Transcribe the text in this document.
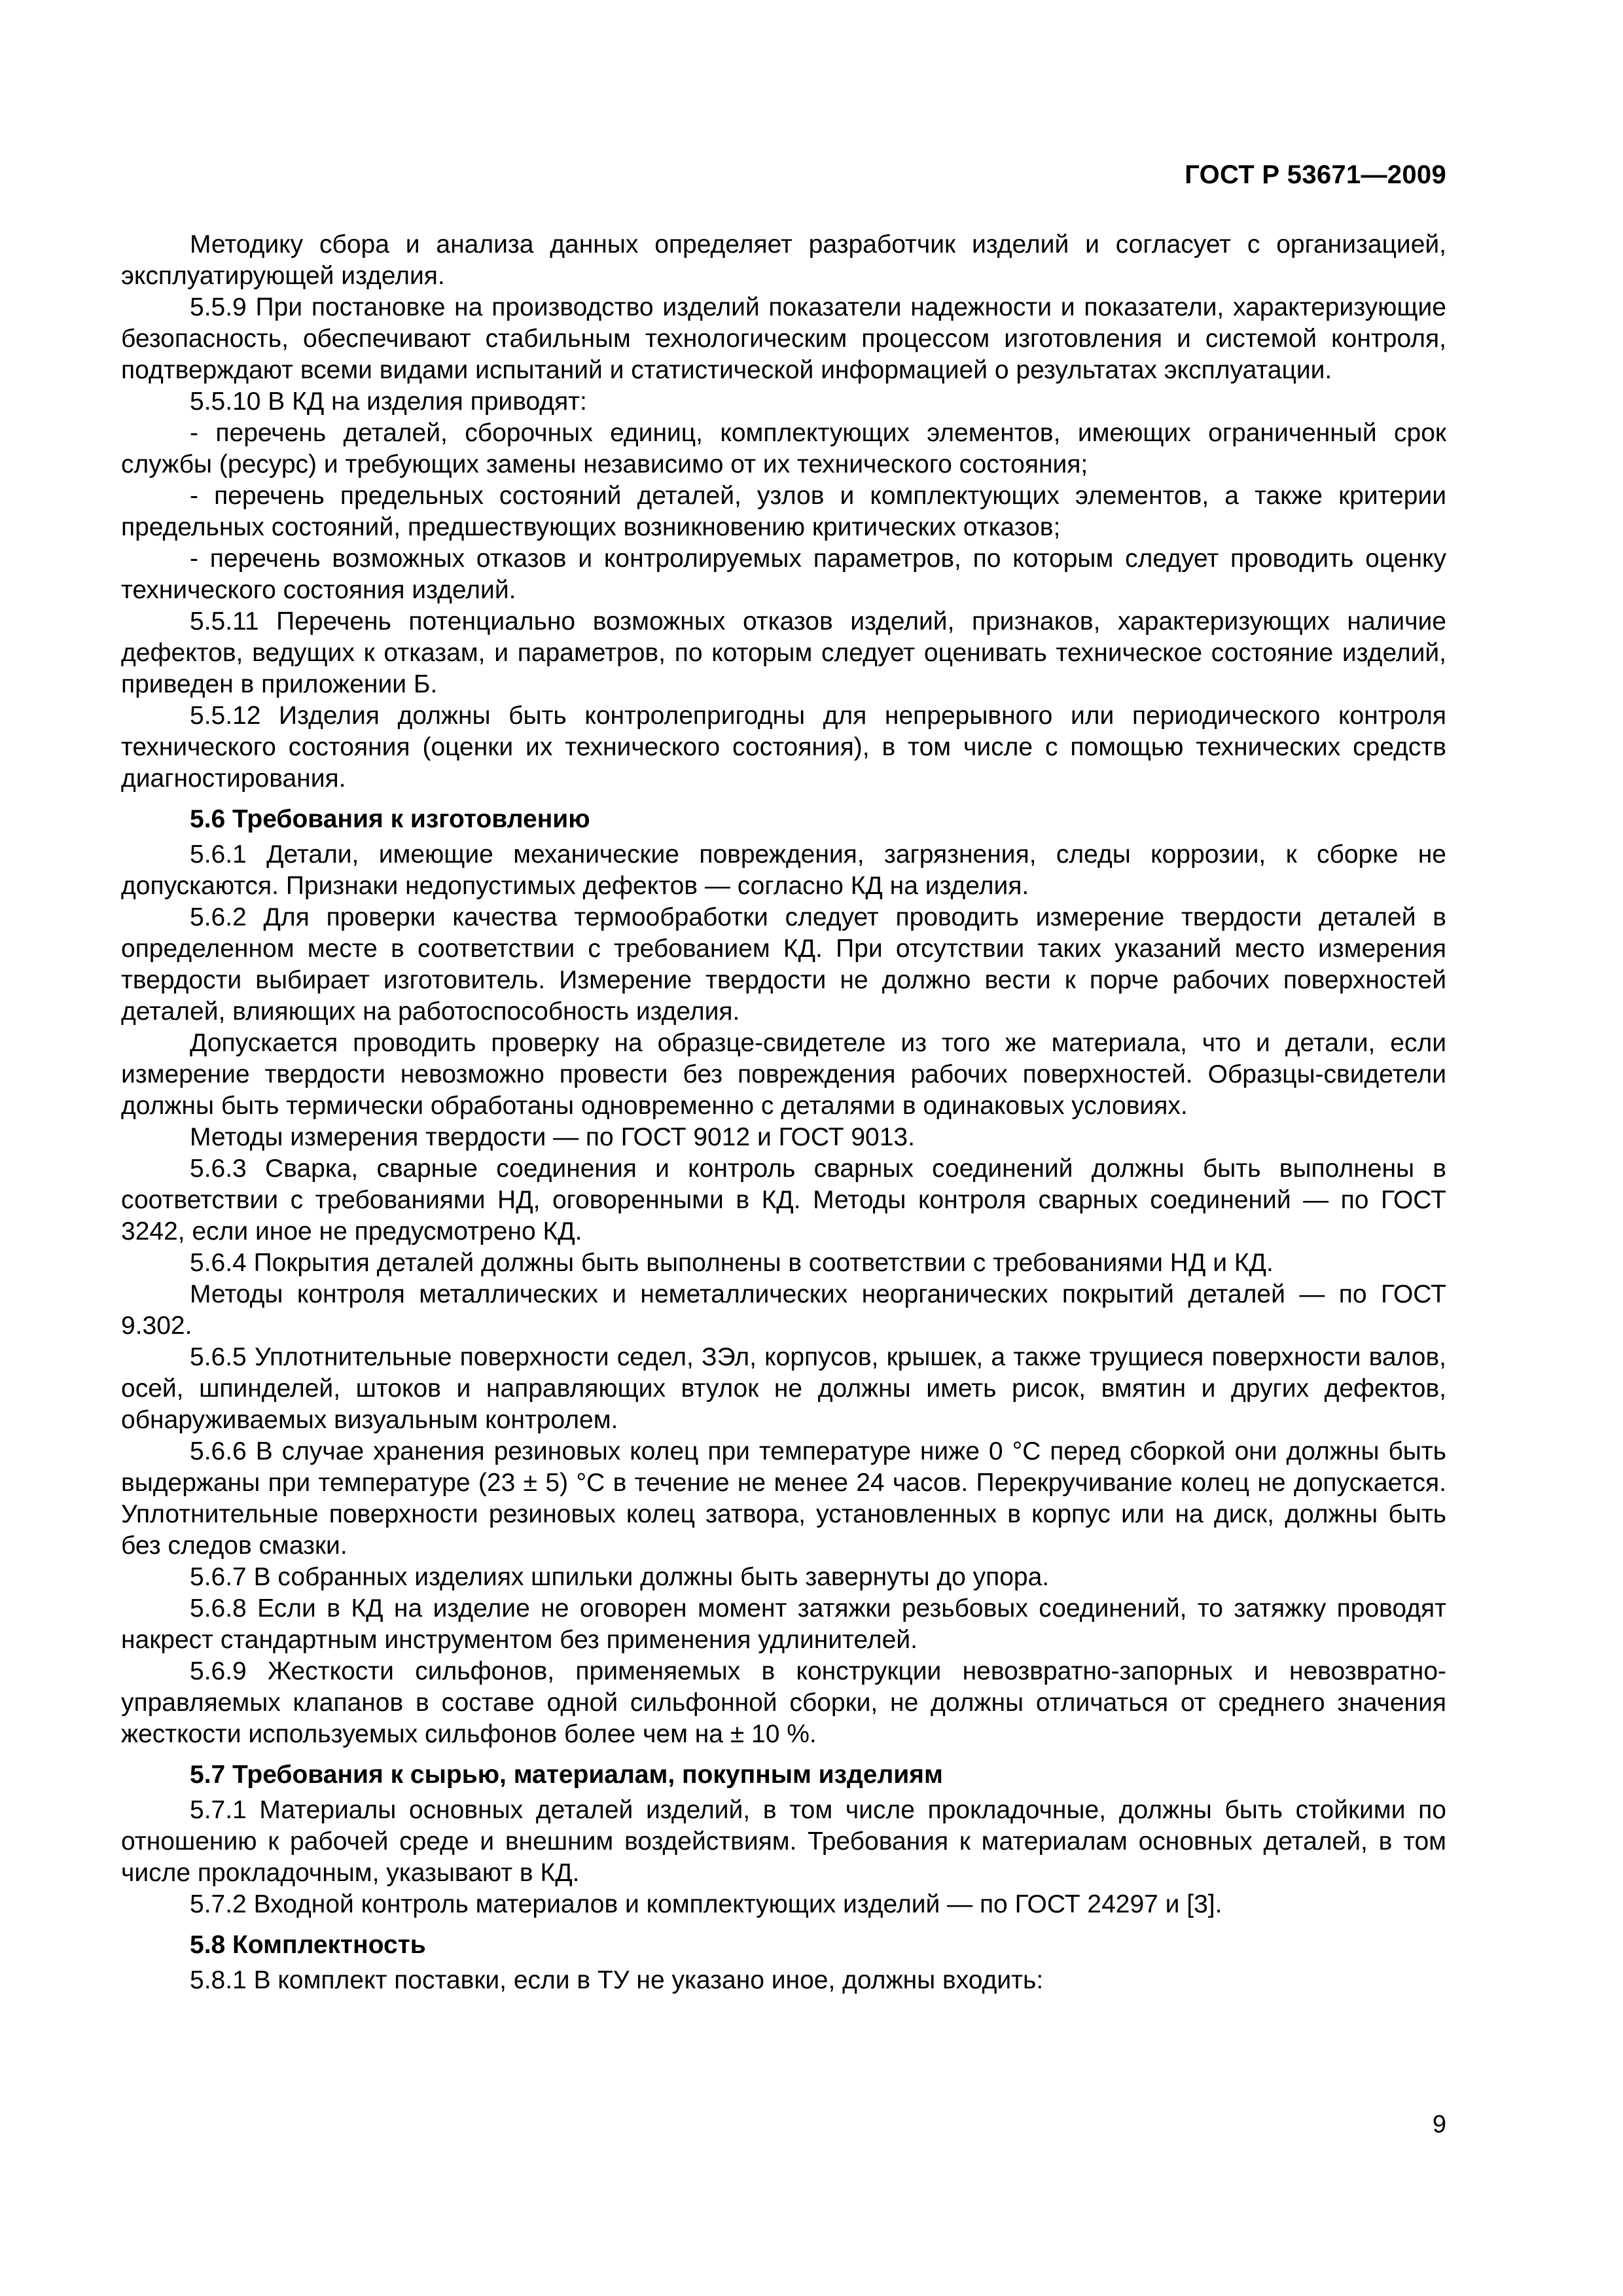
ГОСТ Р 53671—2009
Методику сбора и анализа данных определяет разработчик изделий и согласует с организацией, эксплуатирующей изделия.
5.5.9 При постановке на производство изделий показатели надежности и показатели, характеризующие безопасность, обеспечивают стабильным технологическим процессом изготовления и системой контроля, подтверждают всеми видами испытаний и статистической информацией о результатах эксплуатации.
5.5.10 В КД на изделия приводят:
- перечень деталей, сборочных единиц, комплектующих элементов, имеющих ограниченный срок службы (ресурс) и требующих замены независимо от их технического состояния;
- перечень предельных состояний деталей, узлов и комплектующих элементов, а также критерии предельных состояний, предшествующих возникновению критических отказов;
- перечень возможных отказов и контролируемых параметров, по которым следует проводить оценку технического состояния изделий.
5.5.11 Перечень потенциально возможных отказов изделий, признаков, характеризующих наличие дефектов, ведущих к отказам, и параметров, по которым следует оценивать техническое состояние изделий, приведен в приложении Б.
5.5.12 Изделия должны быть контролепригодны для непрерывного или периодического контроля технического состояния (оценки их технического состояния), в том числе с помощью технических средств диагностирования.
5.6 Требования к изготовлению
5.6.1 Детали, имеющие механические повреждения, загрязнения, следы коррозии, к сборке не допускаются. Признаки недопустимых дефектов — согласно КД на изделия.
5.6.2 Для проверки качества термообработки следует проводить измерение твердости деталей в определенном месте в соответствии с требованием КД. При отсутствии таких указаний место измерения твердости выбирает изготовитель. Измерение твердости не должно вести к порче рабочих поверхностей деталей, влияющих на работоспособность изделия.
Допускается проводить проверку на образце-свидетеле из того же материала, что и детали, если измерение твердости невозможно провести без повреждения рабочих поверхностей. Образцы-свидетели должны быть термически обработаны одновременно с деталями в одинаковых условиях.
Методы измерения твердости — по ГОСТ 9012 и ГОСТ 9013.
5.6.3 Сварка, сварные соединения и контроль сварных соединений должны быть выполнены в соответствии с требованиями НД, оговоренными в КД. Методы контроля сварных соединений — по ГОСТ 3242, если иное не предусмотрено КД.
5.6.4 Покрытия деталей должны быть выполнены в соответствии с требованиями НД и КД.
Методы контроля металлических и неметаллических неорганических покрытий деталей — по ГОСТ 9.302.
5.6.5 Уплотнительные поверхности седел, ЗЭл, корпусов, крышек, а также трущиеся поверхности валов, осей, шпинделей, штоков и направляющих втулок не должны иметь рисок, вмятин и других дефектов, обнаруживаемых визуальным контролем.
5.6.6 В случае хранения резиновых колец при температуре ниже 0 °С перед сборкой они должны быть выдержаны при температуре (23 ± 5) °С в течение не менее 24 часов. Перекручивание колец не допускается. Уплотнительные поверхности резиновых колец затвора, установленных в корпус или на диск, должны быть без следов смазки.
5.6.7 В собранных изделиях шпильки должны быть завернуты до упора.
5.6.8 Если в КД на изделие не оговорен момент затяжки резьбовых соединений, то затяжку проводят накрест стандартным инструментом без применения удлинителей.
5.6.9 Жесткости сильфонов, применяемых в конструкции невозвратно-запорных и невозвратно-управляемых клапанов в составе одной сильфонной сборки, не должны отличаться от среднего значения жесткости используемых сильфонов более чем на ± 10 %.
5.7 Требования к сырью, материалам, покупным изделиям
5.7.1 Материалы основных деталей изделий, в том числе прокладочные, должны быть стойкими по отношению к рабочей среде и внешним воздействиям. Требования к материалам основных деталей, в том числе прокладочным, указывают в КД.
5.7.2 Входной контроль материалов и комплектующих изделий — по ГОСТ 24297 и [3].
5.8 Комплектность
5.8.1 В комплект поставки, если в ТУ не указано иное, должны входить:
9
